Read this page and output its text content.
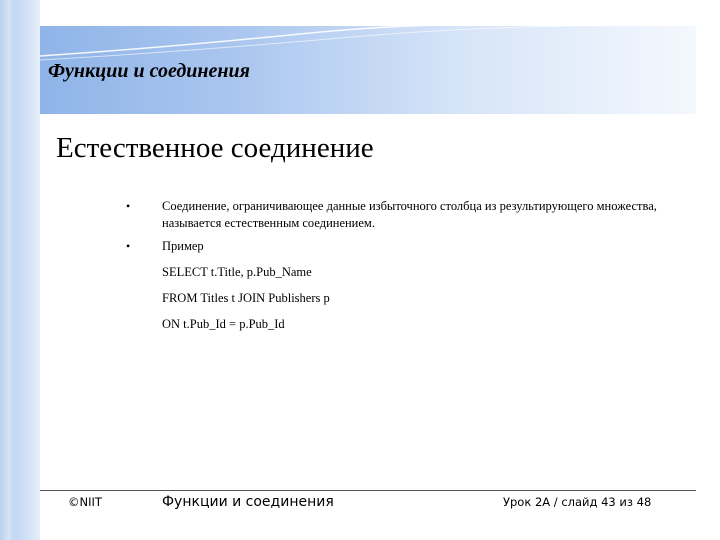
Функции и соединения
Естественное соединение
•	Соединение, ограничивающее данные избыточного столбца из результирующего множества, называется естественным соединением.
•	Пример
SELECT t.Title, p.Pub_Name
FROM Titles t JOIN Publishers p
ON t.Pub_Id = p.Pub_Id
©NIIT	Функции и соединения	Урок 2А / слайд 43 из 48
